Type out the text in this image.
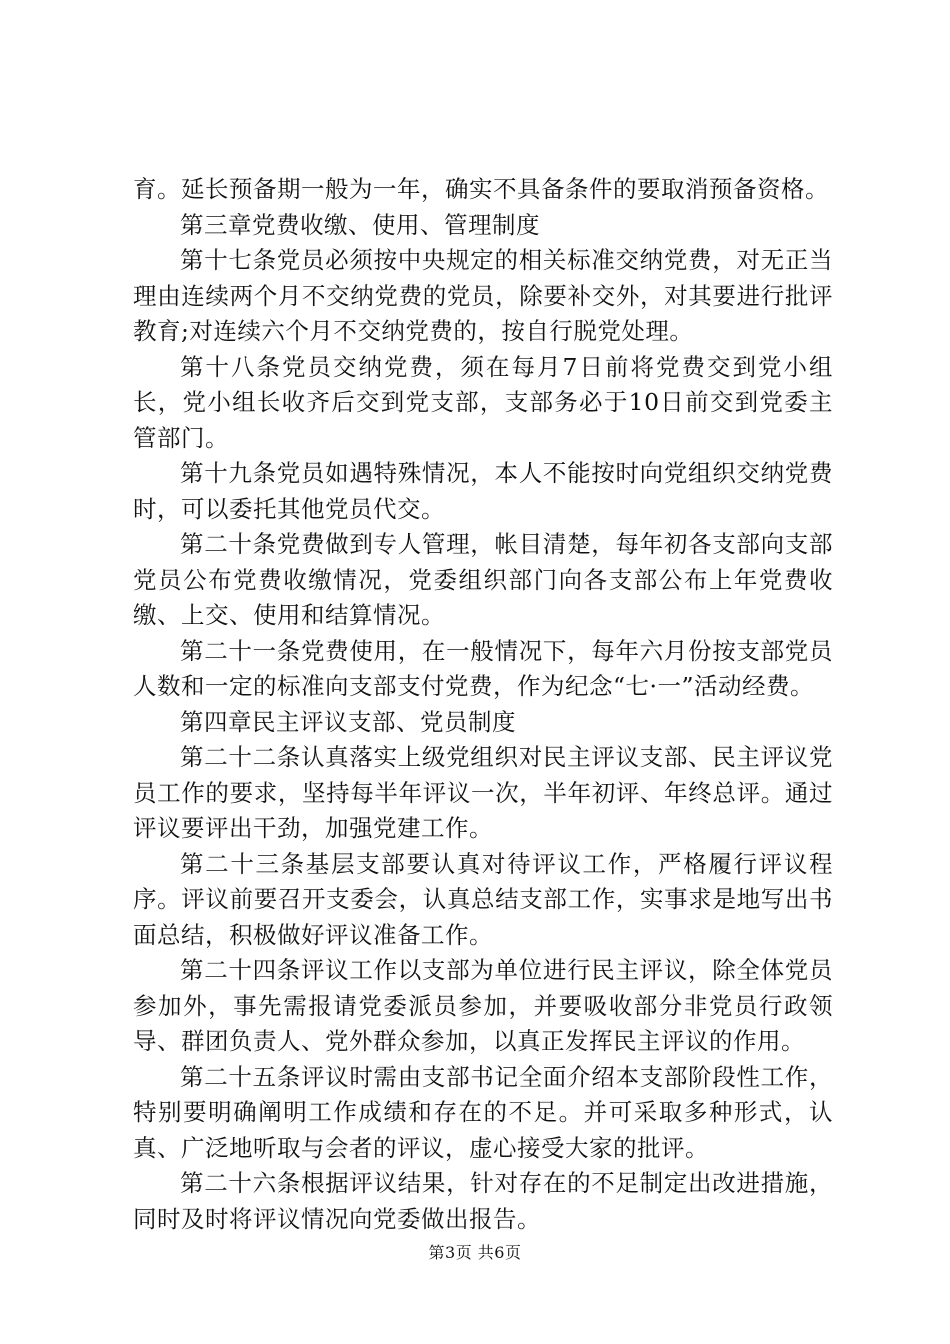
育。延长预备期一般为一年，确实不具备条件的要取消预备资格。

第三章党费收缴、使用、管理制度

第十七条党员必须按中央规定的相关标准交纳党费，对无正当理由连续两个月不交纳党费的党员，除要补交外，对其要进行批评教育;对连续六个月不交纳党费的，按自行脱党处理。

第十八条党员交纳党费，须在每月7日前将党费交到党小组长，党小组长收齐后交到党支部，支部务必于10日前交到党委主管部门。

第十九条党员如遇特殊情况，本人不能按时向党组织交纳党费时，可以委托其他党员代交。

第二十条党费做到专人管理，帐目清楚，每年初各支部向支部党员公布党费收缴情况，党委组织部门向各支部公布上年党费收缴、上交、使用和结算情况。

第二十一条党费使用，在一般情况下，每年六月份按支部党员人数和一定的标准向支部支付党费，作为纪念“七·一”活动经费。

第四章民主评议支部、党员制度

第二十二条认真落实上级党组织对民主评议支部、民主评议党员工作的要求，坚持每半年评议一次，半年初评、年终总评。通过评议要评出干劲，加强党建工作。

第二十三条基层支部要认真对待评议工作，严格履行评议程序。评议前要召开支委会，认真总结支部工作，实事求是地写出书面总结，积极做好评议准备工作。

第二十四条评议工作以支部为单位进行民主评议，除全体党员参加外，事先需报请党委派员参加，并要吸收部分非党员行政领导、群团负责人、党外群众参加，以真正发挥民主评议的作用。

第二十五条评议时需由支部书记全面介绍本支部阶段性工作，特别要明确阐明工作成绩和存在的不足。并可采取多种形式，认真、广泛地听取与会者的评议，虚心接受大家的批评。

第二十六条根据评议结果，针对存在的不足制定出改进措施，同时及时将评议情况向党委做出报告。

第3页 共6页
